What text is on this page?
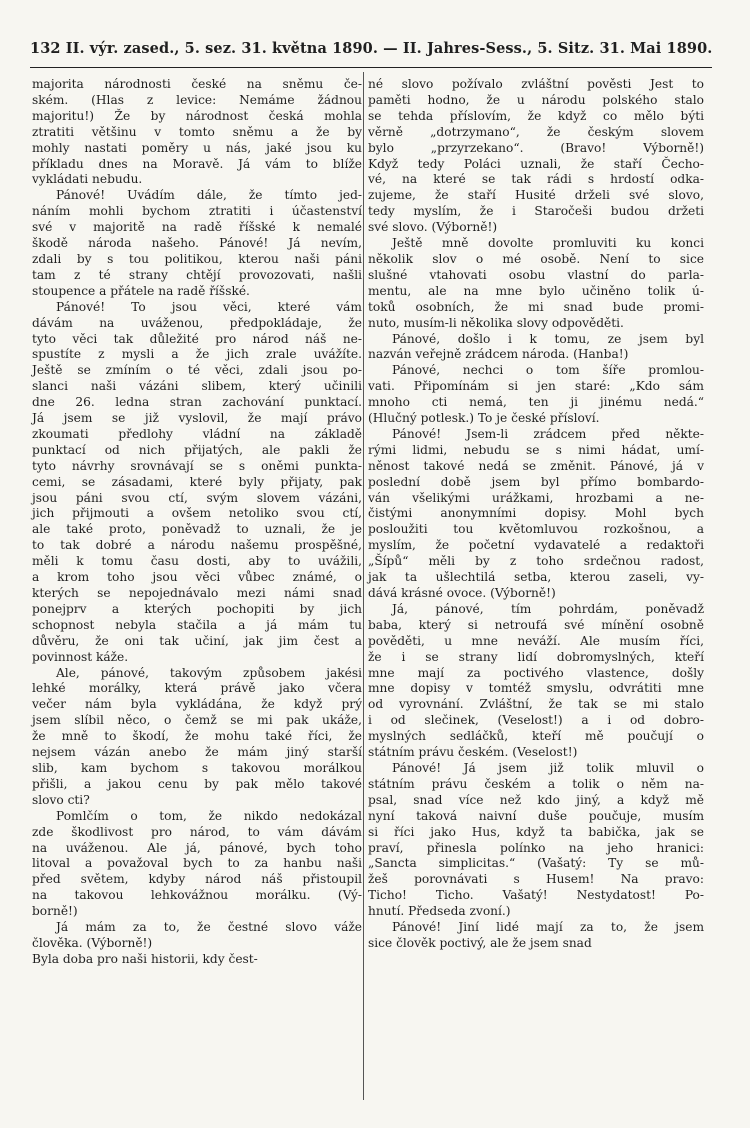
132 II. výr. zased., 5. sez. 31. května 1890. — II. Jahres-Sess., 5. Sitz. 31. Mai 1890.
majorita národnosti české na sněmu če-
ském. (Hlas z levice: Nemáme žádnou
majoritu!) Že by národnost česká mohla
ztratiti většinu v tomto sněmu a že by
mohly nastati poměry u nás, jaké jsou ku
příkladu dnes na Moravě. Já vám to blíže
vykládati nebudu.
Pánové! Uvádím dále, že tímto jed-
náním mohli bychom ztratiti i účastenství
své v majoritě na radě říšské k nemalé
škodě národa našeho. Pánové! Já nevím,
zdali by s tou politikou, kterou naši páni
tam z té strany chtějí provozovati, našli
stoupence a přátele na radě říšské.
Pánové! To jsou věci, které vám
dávám na uváženou, předpokládaje, že
tyto věci tak důležité pro národ náš ne-
spustíte z mysli a že jich zrale uvážíte.
Ještě se zmíním o té věci, zdali jsou po-
slanci naši vázáni slibem, který učinili
dne 26. ledna stran zachování punktací.
Já jsem se již vyslovil, že mají právo
zkoumati předlohy vládní na základě
punktací od nich přijatých, ale pakli že
tyto návrhy srovnávají se s oněmi punkta-
cemi, se zásadami, které byly přijaty, pak
jsou páni svou ctí, svým slovem vázáni,
jich přijmouti a ovšem netoliko svou ctí,
ale také proto, poněvadž to uznali, že je
to tak dobré a národu našemu prospěšné,
měli k tomu času dosti, aby to uvážili,
a krom toho jsou věci vůbec známé, o
kterých se nepojednávalo mezi námi snad
ponejprv a kterých pochopiti by jich
schopnost nebyla stačila a já mám tu
důvěru, že oni tak učiní, jak jim čest a
povinnost káže.
Ale, pánové, takovým způsobem jakési
lehké morálky, která právě jako včera
večer nám byla vykládána, že když prý
jsem slíbil něco, o čemž se mi pak ukáže,
že mně to škodí, že mohu také říci, že
nejsem vázán anebo že mám jiný starší
slib, kam bychom s takovou morálkou
přišli, a jakou cenu by pak mělo takové
slovo cti?
Pomlčím o tom, že nikdo nedokázal
zde škodlivost pro národ, to vám dávám
na uváženou. Ale já, pánové, bych toho
litoval a považoval bych to za hanbu naši
před světem, kdyby národ náš přistoupil
na takovou lehkovážnou morálku. (Vý-
borně!)
Já mám za to, že čestné slovo váže
člověka. (Výborně!)
Byla doba pro naši historii, kdy čest-
né slovo požívalo zvláštní pověsti Jest to
paměti hodno, že u národu polského stalo
se tehda příslovím, že když co mělo býti
věrně „dotrzymano“, že českým slovem
bylo „przyrzekano“. (Bravo! Výborně!)
Když tedy Poláci uznali, že staří Čecho-
vé, na které se tak rádi s hrdostí odka-
zujeme, že staří Husité drželi své slovo,
tedy myslím, že i Staročeši budou držeti
své slovo. (Výborně!)
Ještě mně dovolte promluviti ku konci
několik slov o mé osobě. Není to sice
slušné vtahovati osobu vlastní do parla-
mentu, ale na mne bylo učiněno tolik ú-
toků osobních, že mi snad bude promi-
nuto, musím-li několika slovy odpověděti.
Pánové, došlo i k tomu, ze jsem byl
nazván veřejně zrádcem národa. (Hanba!)
Pánové, nechci o tom šíře promlou-
vati. Připomínám si jen staré: „Kdo sám
mnoho cti nemá, ten ji jinému nedá.“
(Hlučný potlesk.) To je české přísloví.
Pánové! Jsem-li zrádcem před někte-
rými lidmi, nebudu se s nimi hádat, umí-
něnost takové nedá se změnit. Pánové, já v
poslední době jsem byl přímo bombardo-
ván všelikými urážkami, hrozbami a ne-
čistými anonymními dopisy. Mohl bych
posloužiti tou květomluvou rozkošnou, a
myslím, že početní vydavatelé a redaktoři
„Šípů“ měli by z toho srdečnou radost,
jak ta ušlechtilá setba, kterou zaseli, vy-
dává krásné ovoce. (Výborně!)
Já, pánové, tím pohrdám, poněvadž
baba, který si netroufá své mínění osobně
pověděti, u mne neváží. Ale musím říci,
že i se strany lidí dobromyslných, kteří
mne mají za poctivého vlastence, došly
mne dopisy v tomtéž smyslu, odvrátiti mne
od vyrovnání. Zvláštní, že tak se mi stalo
i od slečinek, (Veselost!) a i od dobro-
myslných sedláčků, kteří mě poučují o
státním právu českém. (Veselost!)
Pánové! Já jsem již tolik mluvil o
státním právu českém a tolik o něm na-
psal, snad více než kdo jiný, a když mě
nyní taková naivní duše poučuje, musím
si říci jako Hus, když ta babička, jak se
praví, přinesla polínko na jeho hranici:
„Sancta simplicitas.“ (Vašatý: Ty se mů-
žeš porovnávati s Husem! Na pravo:
Ticho! Ticho. Vašatý! Nestydatost! Po-
hnutí. Předseda zvoní.)
Pánové! Jiní lidé mají za to, že jsem
sice člověk poctivý, ale že jsem snad
